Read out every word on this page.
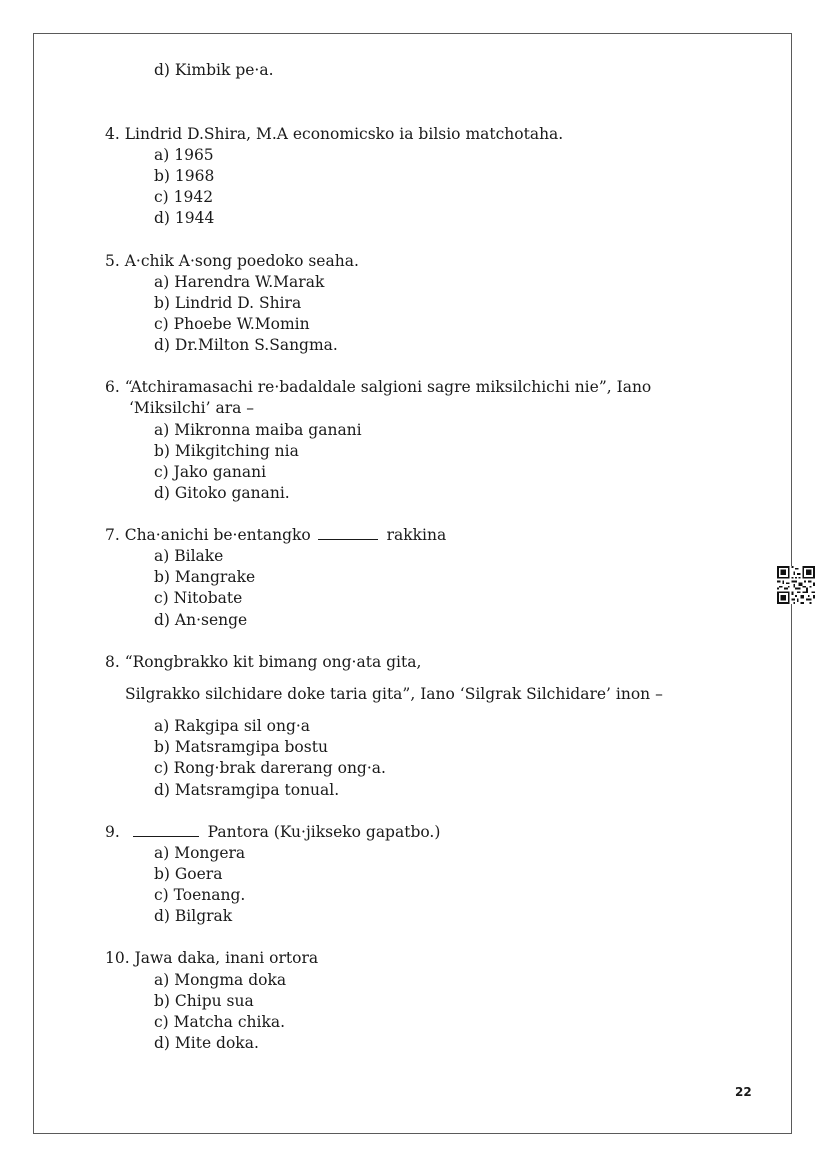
d) Kimbik pe·a.
4. Lindrid D.Shira, M.A economicsko ia bilsio matchotaha.
a) 1965
b) 1968
c) 1942
d) 1944
5. A·chik A·song poedoko seaha.
a) Harendra W.Marak
b) Lindrid D. Shira
c) Phoebe W.Momin
d) Dr.Milton S.Sangma.
6. “Atchiramasachi re·badaldale salgioni sagre miksilchichi nie”, Iano
‘Miksilchi’ ara –
a) Mikronna maiba ganani
b) Mikgitching nia
c) Jako ganani
d) Gitoko ganani.
7. Cha·anichi be·entangko	rakkina
a) Bilake
b) Mangrake
c) Nitobate
d) An·senge
8. “Rongbrakko kit bimang ong·ata gita,
Silgrakko silchidare doke taria gita”, Iano ‘Silgrak Silchidare’ inon –
a) Rakgipa sil ong·a
b) Matsramgipa bostu
c) Rong·brak darerang ong·a.
d) Matsramgipa tonual.
9.	Pantora (Ku·jikseko gapatbo.)
a) Mongera
b) Goera
c) Toenang.
d) Bilgrak
10. Jawa daka, inani ortora
a) Mongma doka
b) Chipu sua
c) Matcha chika.
d) Mite doka.
22
